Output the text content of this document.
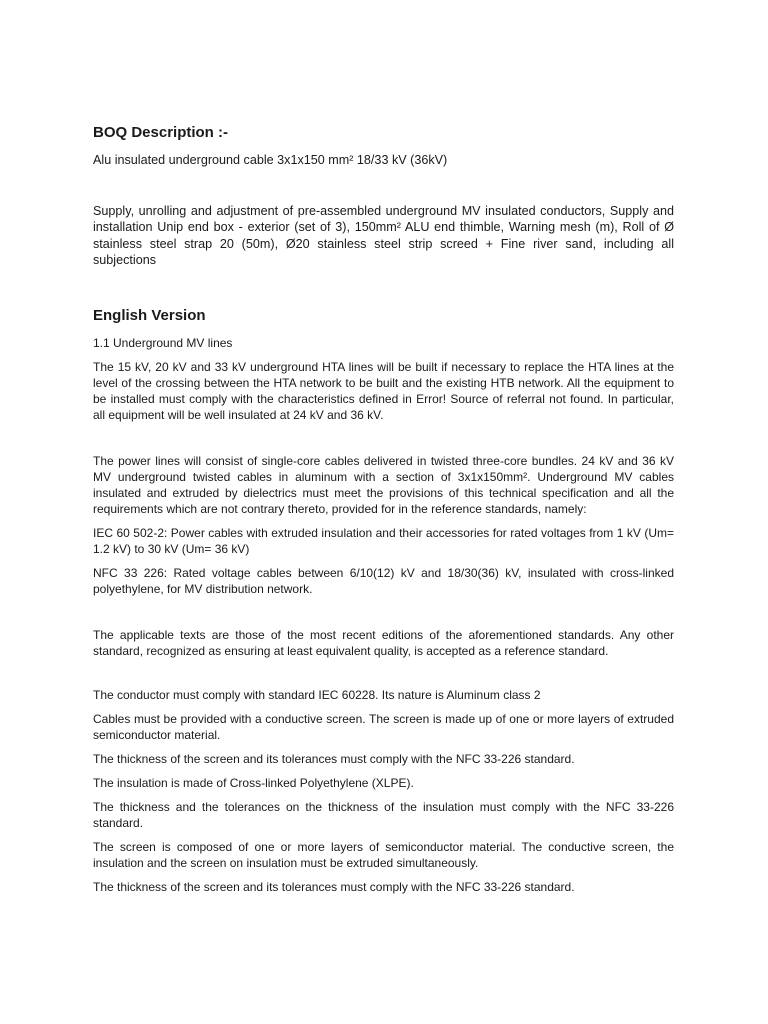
BOQ Description :-

Alu insulated underground cable 3x1x150 mm² 18/33 kV (36kV)

Supply, unrolling and adjustment of pre-assembled underground MV insulated conductors, Supply and installation Unip end box - exterior (set of 3), 150mm² ALU end thimble, Warning mesh (m), Roll of Ø stainless steel strap 20 (50m), Ø20 stainless steel strip screed + Fine river sand, including all subjections

English Version

1.1 Underground MV lines

The 15 kV, 20 kV and 33 kV underground HTA lines will be built if necessary to replace the HTA lines at the level of the crossing between the HTA network to be built and the existing HTB network. All the equipment to be installed must comply with the characteristics defined in Error! Source of referral not found. In particular, all equipment will be well insulated at 24 kV and 36 kV.

The power lines will consist of single-core cables delivered in twisted three-core bundles. 24 kV and 36 kV MV underground twisted cables in aluminum with a section of 3x1x150mm². Underground MV cables insulated and extruded by dielectrics must meet the provisions of this technical specification and all the requirements which are not contrary thereto, provided for in the reference standards, namely:

IEC 60 502-2: Power cables with extruded insulation and their accessories for rated voltages from 1 kV (Um= 1.2 kV) to 30 kV (Um= 36 kV)

NFC 33 226: Rated voltage cables between 6/10(12) kV and 18/30(36) kV, insulated with cross-linked polyethylene, for MV distribution network.

The applicable texts are those of the most recent editions of the aforementioned standards. Any other standard, recognized as ensuring at least equivalent quality, is accepted as a reference standard.

The conductor must comply with standard IEC 60228. Its nature is Aluminum class 2

Cables must be provided with a conductive screen. The screen is made up of one or more layers of extruded semiconductor material.

The thickness of the screen and its tolerances must comply with the NFC 33-226 standard.

The insulation is made of Cross-linked Polyethylene (XLPE).

The thickness and the tolerances on the thickness of the insulation must comply with the NFC 33-226 standard.

The screen is composed of one or more layers of semiconductor material. The conductive screen, the insulation and the screen on insulation must be extruded simultaneously.

The thickness of the screen and its tolerances must comply with the NFC 33-226 standard.
